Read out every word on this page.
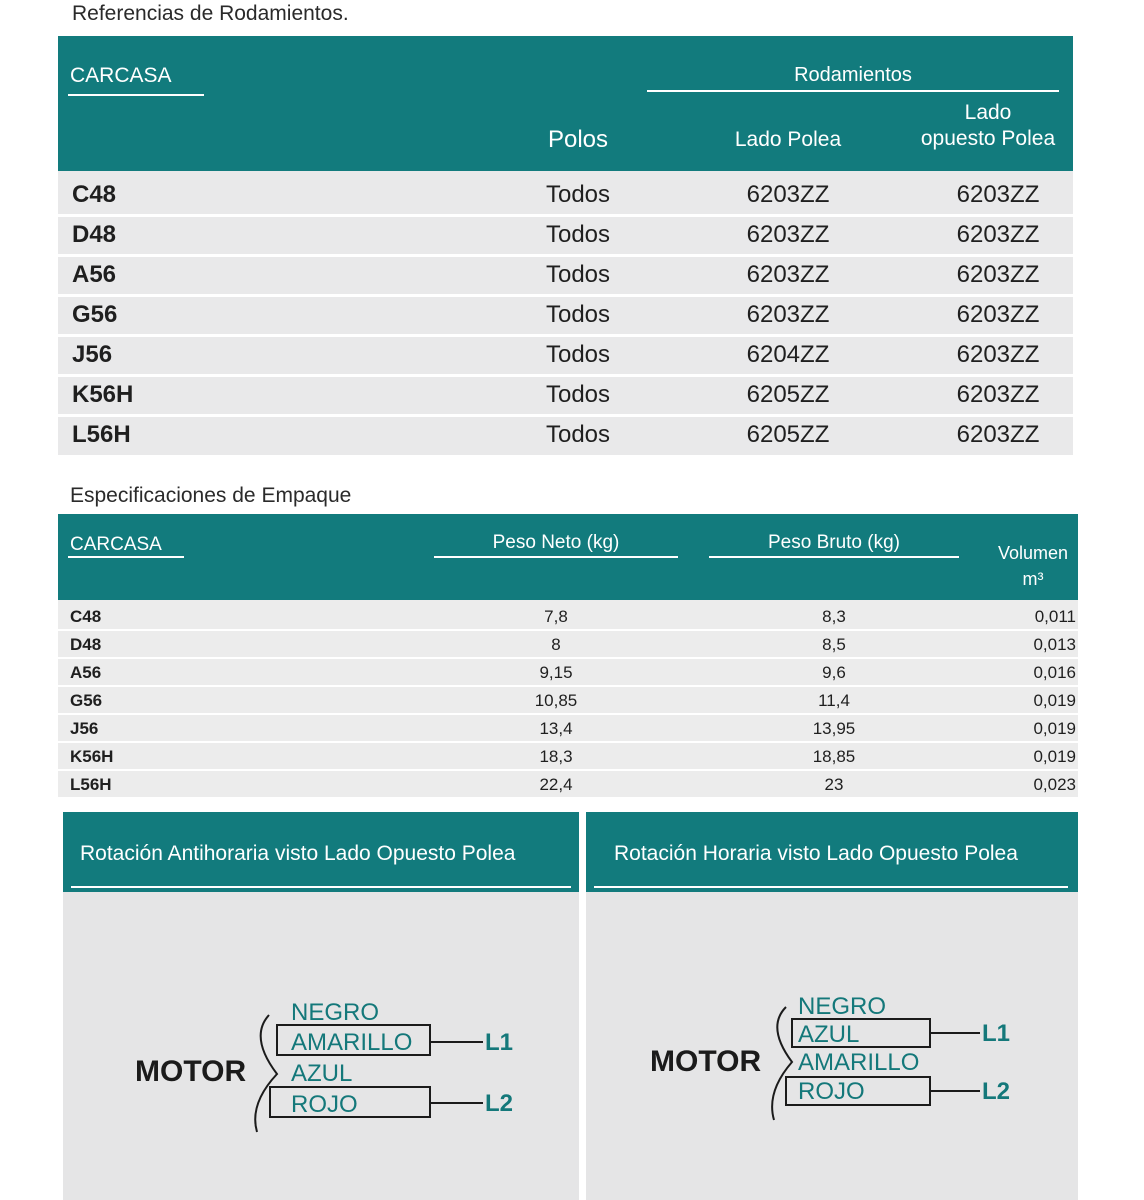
Referencias de Rodamientos.
CARCASA	Rodamientos
Polos	Lado Polea
Lado
opuesto Polea
C48	Todos	6203ZZ	6203ZZ
D48	Todos	6203ZZ	6203ZZ
A56	Todos	6203ZZ	6203ZZ
G56	Todos	6203ZZ	6203ZZ
J56	Todos	6204ZZ	6203ZZ
K56H	Todos	6205ZZ	6203ZZ
L56H	Todos	6205ZZ	6203ZZ
Especificaciones de Empaque
CARCASA	Peso Neto (kg)	Peso Bruto (kg)	Volumen
m³
C48	7,8	8,3	0,011
D48	8	8,5	0,013
A56	9,15	9,6	0,016
G56	10,85	11,4	0,019
J56	13,4	13,95	0,019
K56H	18,3	18,85	0,019
L56H	22,4	23	0,023
Rotación Antihoraria visto Lado Opuesto Polea
MOTOR
NEGRO
AMARILLO
AZUL
ROJO
L1
L2
Rotación Horaria visto Lado Opuesto Polea
MOTOR
NEGRO
AZUL
AMARILLO
ROJO
L1
L2
